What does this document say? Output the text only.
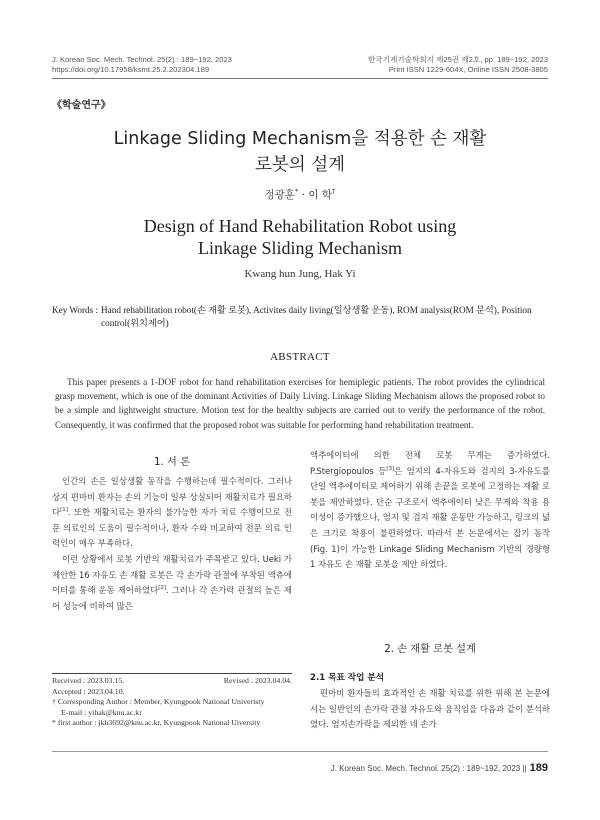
J. Korean Soc. Mech. Technol. 25(2) : 189~192, 2023
https://doi.org/10.17958/ksmt.25.2.202304.189
한국기계기술학회지 제25권 제2호, pp. 189~192, 2023
Print ISSN 1229-604X, Online ISSN 2508-3805
《학술연구》
Linkage Sliding Mechanism을 적용한 손 재활
로봇의 설계
정광훈* · 이 학†
Design of Hand Rehabilitation Robot using
Linkage Sliding Mechanism
Kwang hun Jung, Hak Yi
Key Words : Hand rehabilitation robot(손 재활 로봇), Activites daily living(일상생활 운동), ROM analysis(ROM 분석), Position control(위치제어)
ABSTRACT
This paper presents a 1-DOF robot for hand rehabilitation exercises for hemiplegic patients. The robot provides the cylindrical grasp movement, which is one of the dominant Activities of Daily Living. Linkage Sliding Mechanism allows the proposed robot to be a simple and lightweight structure. Motion test for the healthy subjects are carried out to verify the performance of the robot. Consequently, it was confirmed that the proposed robot was suitable for performing hand rehabilitation treatment.
1. 서 론

인간의 손은 일상생활 동작을 수행하는데 필수적이다. 그러나 상지 편마비 환자는 손의 기능이 일부 상실되어 재활치료가 필요하다[1]. 또한 재활치료는 환자의 불가능한 자가 치료 수행이므로 전문 의료인의 도움이 필수적이나, 환자 수와 비교하여 전문 의료 인력인이 매우 부족하다.

이런 상황에서 로봇 기반의 재활치료가 주목받고 있다. Ueki 가 제안한 16 자유도 손 재활 로봇은 각 손가락 관절에 부착된 액츄에이터를 통해 운동 제어하였다[2]. 그러나 각 손가락 관절의 높은 제어 성능에 비하여 많은

액추에이터에 의한 전체 로봇 무게는 증가하였다. P.Stergiopoulos 등[3]은 엄지의 4-자유도와 검지의 3-자유도를 단일 액추에이터로 제어하기 위해 손끝을 로봇에 고정하는 재활 로봇을 제안하였다. 단순 구조로서 액추에이터 낮은 무게와 착용 용이성이 증가했으나, 엄지 및 검지 재활 운동만 가능하고, 링크의 넓은 크기로 착용이 불편하였다. 따라서 본 논문에서는 잡기 동작(Fig. 1)이 가능한 Linkage Sliding Mechanism 기반의 경량형 1 자유도 손 재활 로봇을 제안 하였다.

2. 손 재활 로봇 설계
2.1 목표 작업 분석

편마비 환자들의 효과적인 손 재활 치료를 위한 위해 본 논문에서는 일반인의 손가락 관절 자유도와 움직임을 다음과 같이 분석하였다. 엄지손가락을 제외한 네 손가

Received : 2023.03.15.	Revised : 2023.04.04.
Accepted : 2023.04.10.
† Corresponding Author : Member, Kyungpook National Univeristy
E-mail : yihak@knu.ac.kr
* first author : jkh3692@knu.ac.kr, Kyungpook National Uiversity
J. Korean Soc. Mech. Technol. 25(2) : 189~192, 2023 || 189
